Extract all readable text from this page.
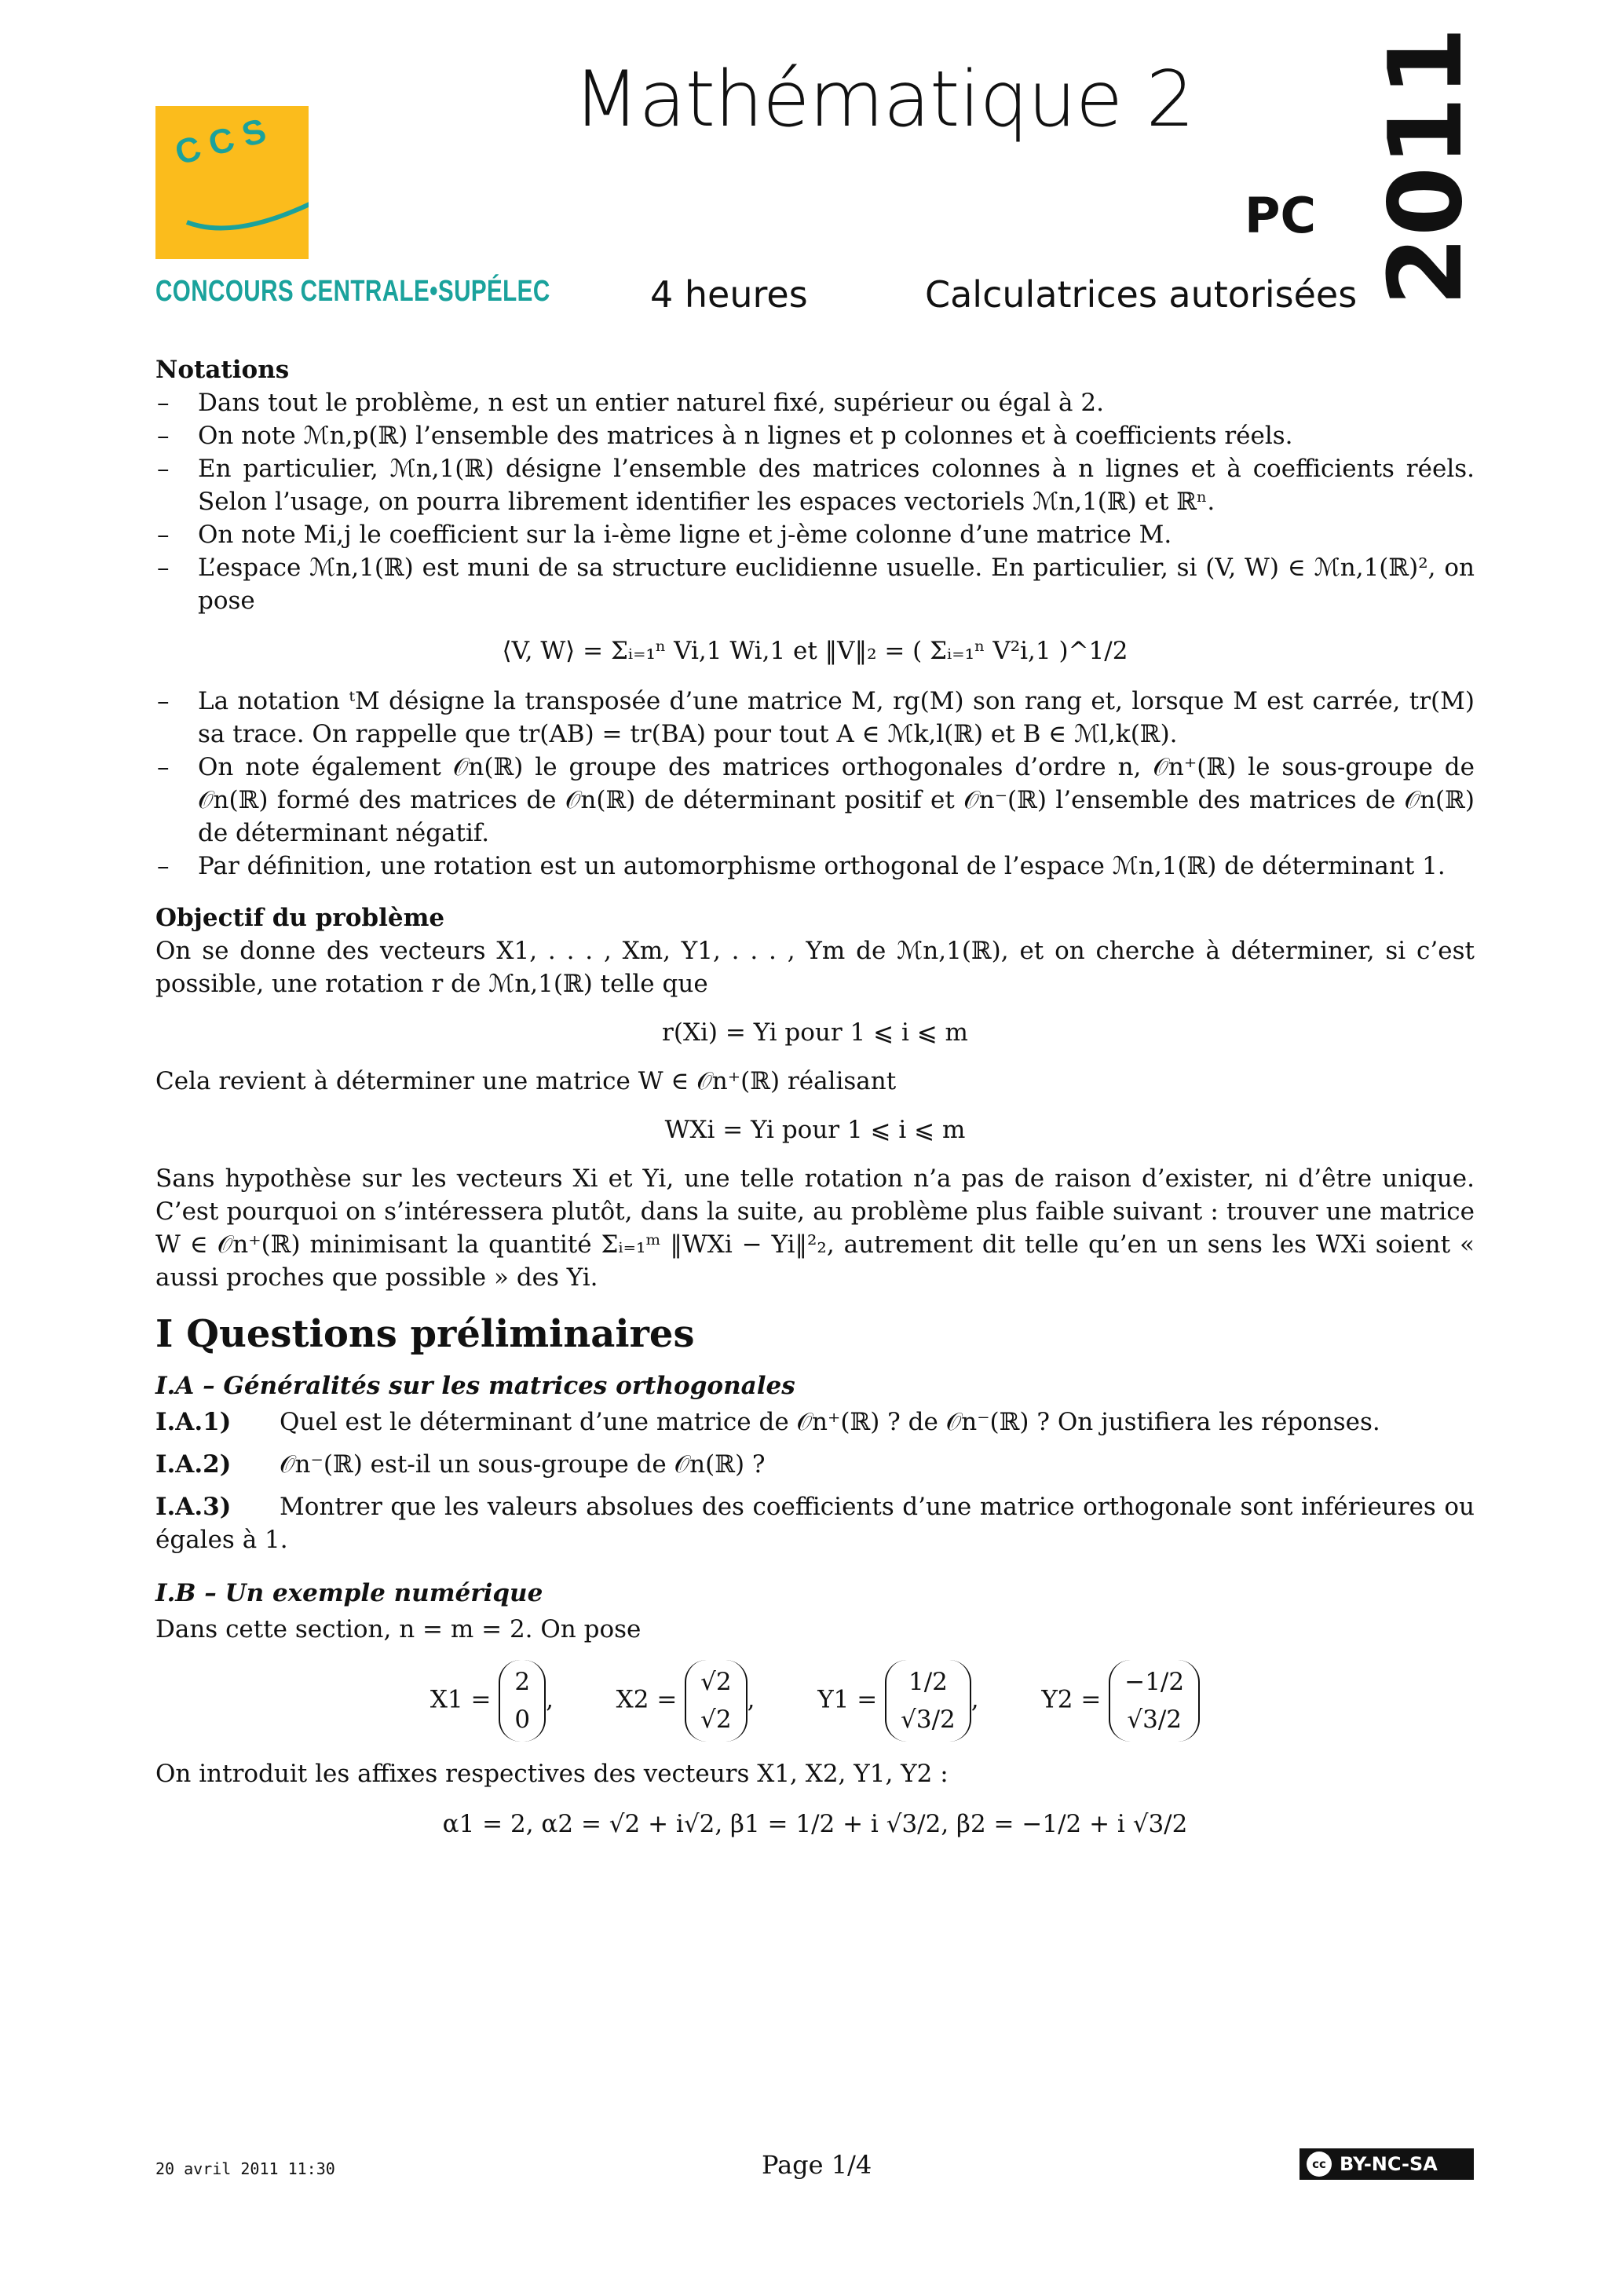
C C S
CONCOURS CENTRALE•SUPÉLEC
Mathématique 2
PC 2011
4 heures	Calculatrices autorisées

Notations

– Dans tout le problème, n est un entier naturel fixé, supérieur ou égal à 2.

– On note ℳn,p(ℝ) l’ensemble des matrices à n lignes et p colonnes et à coefficients réels.

– En particulier, ℳn,1(ℝ) désigne l’ensemble des matrices colonnes à n lignes et à coefficients réels. Selon l’usage, on pourra librement identifier les espaces vectoriels ℳn,1(ℝ) et ℝⁿ.

– On note Mi,j le coefficient sur la i-ème ligne et j-ème colonne d’une matrice M.

– L’espace ℳn,1(ℝ) est muni de sa structure euclidienne usuelle. En particulier, si (V, W) ∈ ℳn,1(ℝ)², on pose

⟨V, W⟩ = Σᵢ₌₁ⁿ Vi,1 Wi,1 et ‖V‖₂ = ( Σᵢ₌₁ⁿ V²i,1 )^1/2

– La notation ᵗM désigne la transposée d’une matrice M, rg(M) son rang et, lorsque M est carrée, tr(M) sa trace. On rappelle que tr(AB) = tr(BA) pour tout A ∈ ℳk,l(ℝ) et B ∈ ℳl,k(ℝ).

– On note également 𝒪n(ℝ) le groupe des matrices orthogonales d’ordre n, 𝒪n⁺(ℝ) le sous-groupe de 𝒪n(ℝ) formé des matrices de 𝒪n(ℝ) de déterminant positif et 𝒪n⁻(ℝ) l’ensemble des matrices de 𝒪n(ℝ) de déterminant négatif.

– Par définition, une rotation est un automorphisme orthogonal de l’espace ℳn,1(ℝ) de déterminant 1.

Objectif du problème

On se donne des vecteurs X1, . . . , Xm, Y1, . . . , Ym de ℳn,1(ℝ), et on cherche à déterminer, si c’est possible, une rotation r de ℳn,1(ℝ) telle que

r(Xi) = Yi pour 1 ⩽ i ⩽ m

Cela revient à déterminer une matrice W ∈ 𝒪n⁺(ℝ) réalisant

WXi = Yi pour 1 ⩽ i ⩽ m

Sans hypothèse sur les vecteurs Xi et Yi, une telle rotation n’a pas de raison d’exister, ni d’être unique. C’est pourquoi on s’intéressera plutôt, dans la suite, au problème plus faible suivant : trouver une matrice W ∈ 𝒪n⁺(ℝ) minimisant la quantité Σᵢ₌₁ᵐ ‖WXi − Yi‖²₂, autrement dit telle qu’en un sens les WXi soient « aussi proches que possible » des Yi.

I Questions préliminaires

I.A – Généralités sur les matrices orthogonales

I.A.1) Quel est le déterminant d’une matrice de 𝒪n⁺(ℝ) ? de 𝒪n⁻(ℝ) ? On justifiera les réponses.

I.A.2) 𝒪n⁻(ℝ) est-il un sous-groupe de 𝒪n(ℝ) ?

I.A.3) Montrer que les valeurs absolues des coefficients d’une matrice orthogonale sont inférieures ou égales à 1.

I.B – Un exemple numérique

Dans cette section, n = m = 2. On pose

X1 = 2
0,  X2 = √2
√2,  Y1 = 1/2
√3/2,  Y2 = −1/2
√3/2

On introduit les affixes respectives des vecteurs X1, X2, Y1, Y2 :

α1 = 2, α2 = √2 + i√2, β1 = 1/2 + i √3/2, β2 = −1/2 + i √3/2

20 avril 2011 11:30	Page 1/4	cc BY-NC-SA
